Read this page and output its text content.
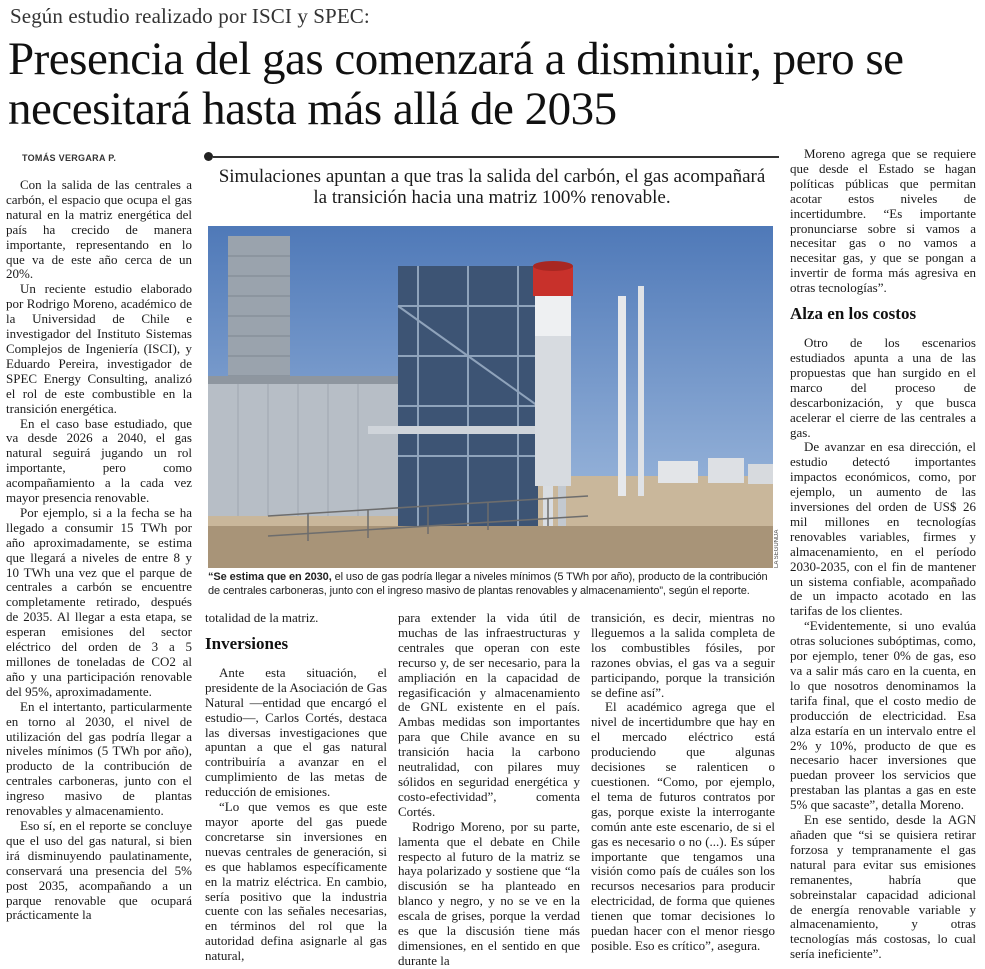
Según estudio realizado por ISCI y SPEC:
Presencia del gas comenzará a disminuir, pero se necesitará hasta más allá de 2035
TOMÁS VERGARA P.
Simulaciones apuntan a que tras la salida del carbón, el gas acompañará la transición hacia una matriz 100% renovable.
LA SEGUNDA
“Se estima que en 2030, el uso de gas podría llegar a niveles mínimos (5 TWh por año), producto de la contribución de centrales carboneras, junto con el ingreso masivo de plantas renovables y almacenamiento”, según el reporte.

Con la salida de las centrales a carbón, el espacio que ocupa el gas natural en la matriz energética del país ha crecido de manera importante, representando en lo que va de este año cerca de un 20%.

Un reciente estudio elaborado por Rodrigo Moreno, académico de la Universidad de Chile e investigador del Instituto Sistemas Complejos de Ingeniería (ISCI), y Eduardo Pereira, investigador de SPEC Energy Consulting, analizó el rol de este combustible en la transición energética.

En el caso base estudiado, que va desde 2026 a 2040, el gas natural seguirá jugando un rol importante, pero como acompañamiento a la cada vez mayor presencia renovable.

Por ejemplo, si a la fecha se ha llegado a consumir 15 TWh por año aproximadamente, se estima que llegará a niveles de entre 8 y 10 TWh una vez que el parque de centrales a carbón se encuentre completamente retirado, después de 2035. Al llegar a esta etapa, se esperan emisiones del sector eléctrico del orden de 3 a 5 millones de toneladas de CO2 al año y una participación renovable del 95%, aproximadamente.

En el intertanto, particularmente en torno al 2030, el nivel de utilización del gas podría llegar a niveles mínimos (5 TWh por año), producto de la contribución de centrales carboneras, junto con el ingreso masivo de plantas renovables y almacenamiento.

Eso sí, en el reporte se concluye que el uso del gas natural, si bien irá disminuyendo paulatinamente, conservará una presencia del 5% post 2035, acompañando a un parque renovable que ocupará prácticamente la

totalidad de la matriz.

Inversiones

Ante esta situación, el presidente de la Asociación de Gas Natural —entidad que encargó el estudio—, Carlos Cortés, destaca las diversas investigaciones que apuntan a que el gas natural contribuiría a avanzar en el cumplimiento de las metas de reducción de emisiones.

“Lo que vemos es que este mayor aporte del gas puede concretarse sin inversiones en nuevas centrales de generación, si es que hablamos específicamente en la matriz eléctrica. En cambio, sería positivo que la industria cuente con las señales necesarias, en términos del rol que la autoridad defina asignarle al gas natural,

para extender la vida útil de muchas de las infraestructuras y centrales que operan con este recurso y, de ser necesario, para la ampliación en la capacidad de regasificación y almacenamiento de GNL existente en el país. Ambas medidas son importantes para que Chile avance en su transición hacia la carbono neutralidad, con pilares muy sólidos en seguridad energética y costo-efectividad”, comenta Cortés.

Rodrigo Moreno, por su parte, lamenta que el debate en Chile respecto al futuro de la matriz se haya polarizado y sostiene que “la discusión se ha planteado en blanco y negro, y no se ve en la escala de grises, porque la verdad es que la discusión tiene más dimensiones, en el sentido en que durante la

transición, es decir, mientras no lleguemos a la salida completa de los combustibles fósiles, por razones obvias, el gas va a seguir participando, porque la transición se define así”.

El académico agrega que el nivel de incertidumbre que hay en el mercado eléctrico está produciendo que algunas decisiones se ralenticen o cuestionen. “Como, por ejemplo, el tema de futuros contratos por gas, porque existe la interrogante común ante este escenario, de si el gas es necesario o no (...). Es súper importante que tengamos una visión como país de cuáles son los recursos necesarios para producir electricidad, de forma que quienes tienen que tomar decisiones lo puedan hacer con el menor riesgo posible. Eso es crítico”, asegura.

Moreno agrega que se requiere que desde el Estado se hagan políticas públicas que permitan acotar estos niveles de incertidumbre. “Es importante pronunciarse sobre si vamos a necesitar gas o no vamos a necesitar gas, y que se pongan a invertir de forma más agresiva en otras tecnologías”.

Alza en los costos

Otro de los escenarios estudiados apunta a una de las propuestas que han surgido en el marco del proceso de descarbonización, y que busca acelerar el cierre de las centrales a gas.

De avanzar en esa dirección, el estudio detectó importantes impactos económicos, como, por ejemplo, un aumento de las inversiones del orden de US$ 26 mil millones en tecnologías renovables variables, firmes y almacenamiento, en el período 2030-2035, con el fin de mantener un sistema confiable, acompañado de un impacto acotado en las tarifas de los clientes.

“Evidentemente, si uno evalúa otras soluciones subóptimas, como, por ejemplo, tener 0% de gas, eso va a salir más caro en la cuenta, en lo que nosotros denominamos la tarifa final, que el costo medio de producción de electricidad. Esa alza estaría en un intervalo entre el 2% y 10%, producto de que es necesario hacer inversiones que puedan proveer los servicios que prestaban las plantas a gas en este 5% que sacaste”, detalla Moreno.

En ese sentido, desde la AGN añaden que “si se quisiera retirar forzosa y tempranamente el gas natural para evitar sus emisiones remanentes, habría que sobreinstalar capacidad adicional de energía renovable variable y almacenamiento, y otras tecnologías más costosas, lo cual sería ineficiente”.
